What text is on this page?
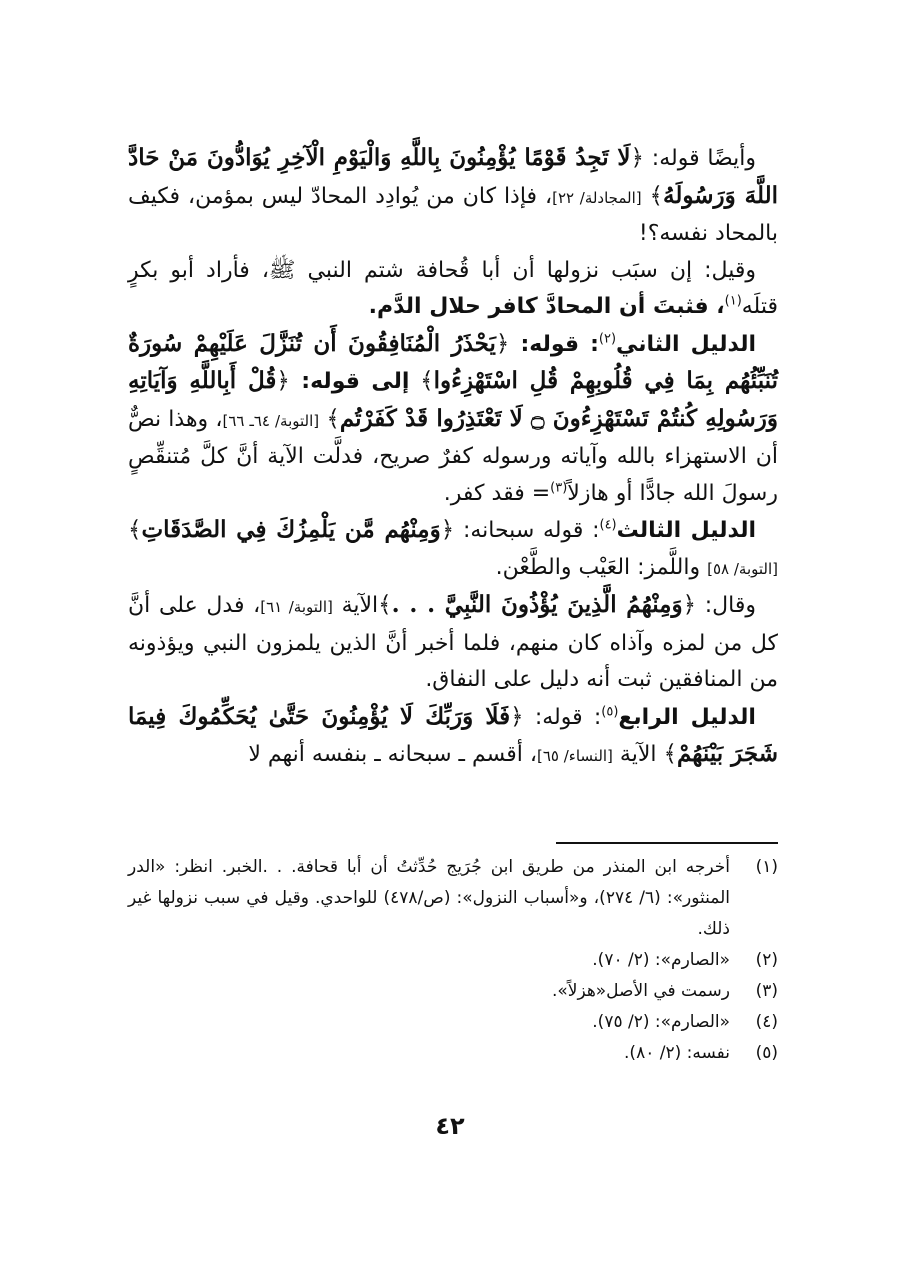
وأيضًا قوله: ﴿لَا تَجِدُ قَوْمًا يُؤْمِنُونَ بِاللَّهِ وَالْيَوْمِ الْآخِرِ يُوَادُّونَ مَنْ حَادَّ اللَّهَ وَرَسُولَهُ﴾ [المجادلة/ ٢٢]، فإذا كان من يُوادِد المحادّ ليس بمؤمن، فكيف بالمحاد نفسه؟!

وقيل: إن سبَب نزولها أن أبا قُحافة شتم النبي ﷺ، فأراد أبو بكرٍ قتلَه$^{(١)}$، فثبتَ أن المحادَّ كافر حلال الدَّم.

الدليل الثاني$^{(٢)}$: قوله: ﴿يَحْذَرُ الْمُنَافِقُونَ أَن تُنَزَّلَ عَلَيْهِمْ سُورَةٌ تُنَبِّئُهُم بِمَا فِي قُلُوبِهِمْ قُلِ اسْتَهْزِءُوا﴾ إلى قوله: ﴿قُلْ أَبِاللَّهِ وَآيَاتِهِ وَرَسُولِهِ كُنتُمْ تَسْتَهْزِءُونَ ۝ لَا تَعْتَذِرُوا قَدْ كَفَرْتُم﴾ [التوبة/ ٦٤ـ ٦٦]، وهذا نصٌّ أن الاستهزاء بالله وآياته ورسوله كفرٌ صريح، فدلَّت الآية أنَّ كلَّ مُتنقِّصٍ رسولَ الله جادًّا أو هازلاً$^{(٣)}$= فقد كفر.

الدليل الثالث$^{(٤)}$: قوله سبحانه: ﴿وَمِنْهُم مَّن يَلْمِزُكَ فِي الصَّدَقَاتِ﴾ [التوبة/ ٥٨] واللَّمز: العَيْب والطَّعْن.

وقال: ﴿وَمِنْهُمُ الَّذِينَ يُؤْذُونَ النَّبِيَّ . . .﴾الآية [التوبة/ ٦١]، فدل على أنَّ كل من لمزه وآذاه كان منهم، فلما أخبر أنَّ الذين يلمزون النبي ويؤذونه من المنافقين ثبت أنه دليل على النفاق.

الدليل الرابع$^{(٥)}$: قوله: ﴿فَلَا وَرَبِّكَ لَا يُؤْمِنُونَ حَتَّىٰ يُحَكِّمُوكَ فِيمَا شَجَرَ بَيْنَهُمْ﴾ الآية [النساء/ ٦٥]، أقسم ـ سبحانه ـ بنفسه أنهم لا

(١)
أخرجه ابن المنذر من طريق ابن جُرَيج حُدِّثتُ أن أبا قحافة. . .الخبر. انظر: «الدر المنثور»: (٦/ ٢٧٤)، و«أسباب النزول»: (ص/٤٧٨) للواحدي. وقيل في سبب نزولها غير ذلك.
(٢)
«الصارم»: (٢/ ٧٠).
(٣)
رسمت في الأصل«هزلاً».
(٤)
«الصارم»: (٢/ ٧٥).
(٥)
نفسه: (٢/ ٨٠).
٤٢
